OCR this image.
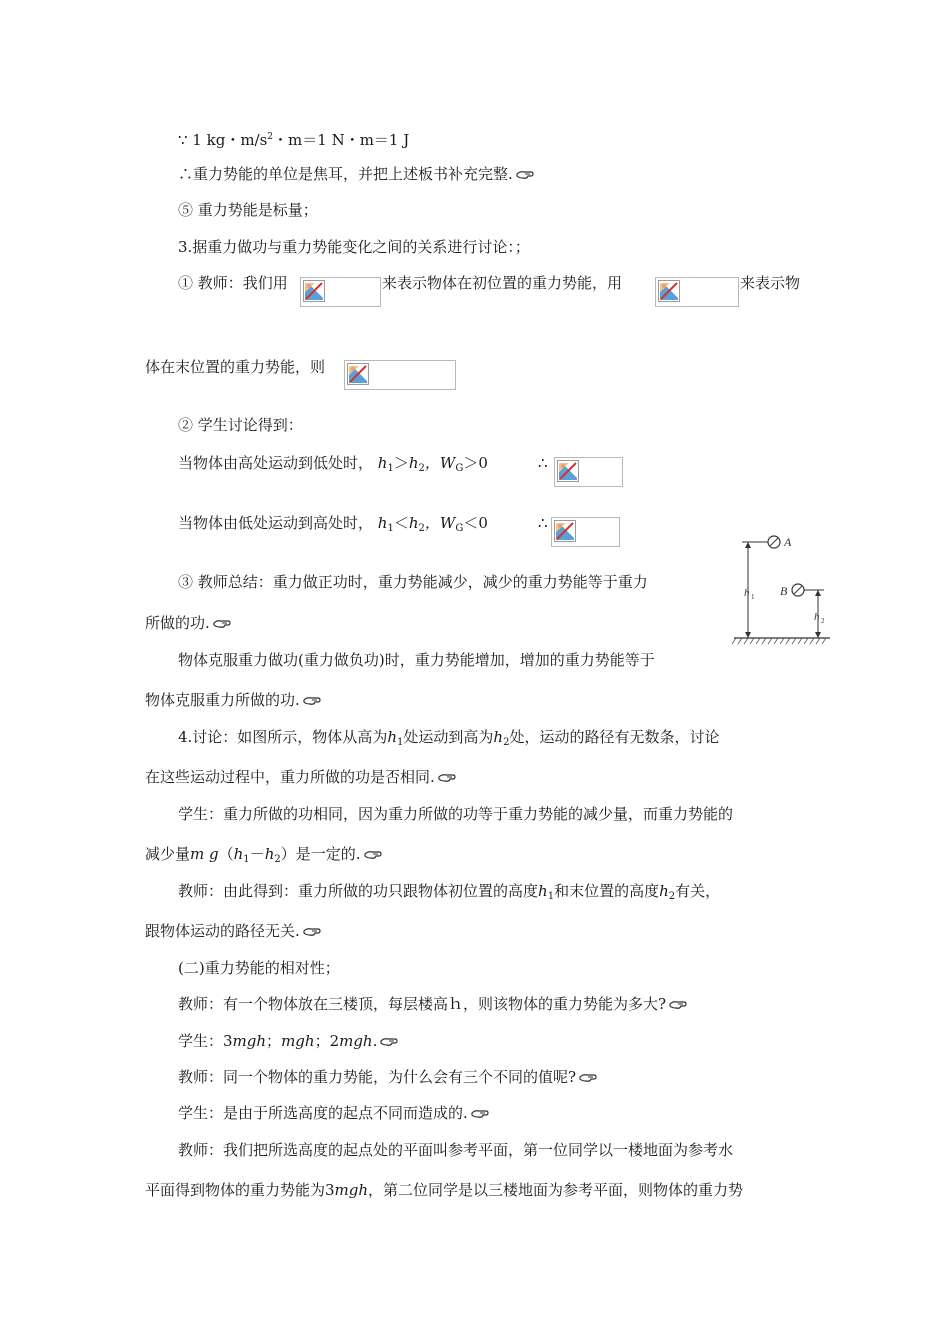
∵ 1 kg・$m/s^2$・m＝1 N・m＝1 J
∴重力势能的单位是焦耳，并把上述板书补充完整.
⑤ 重力势能是标量；
3.据重力做功与重力势能变化之间的关系进行讨论：；
① 教师：我们用	来表示物体在初位置的重力势能，用	来表示物
体在末位置的重力势能，则
② 学生讨论得到：
当物体由高处运动到低处时， $h_1>h_2$，$W_G>0$	∴
当物体由低处运动到高处时， $h_1<h_2$，$W_G<0$	∴
③ 教师总结：重力做正功时，重力势能减少，减少的重力势能等于重力
所做的功.
物体克服重力做功(重力做负功)时，重力势能增加，增加的重力势能等于
物体克服重力所做的功.
A
h 1 B
h 2
4.讨论：如图所示，物体从高为$h_1$处运动到高为$h_2$处，运动的路径有无数条，讨论
在这些运动过程中，重力所做的功是否相同.
学生：重力所做的功相同，因为重力所做的功等于重力势能的减少量，而重力势能的
减少量m $g(h_1-h_2)$是一定的.
教师：由此得到：重力所做的功只跟物体初位置的高度$h_1$和末位置的高度$h_2$有关，
跟物体运动的路径无关.
(二)重力势能的相对性；
教师：有一个物体放在三楼顶，每层楼高ｈ，则该物体的重力势能为多大?
学生：3mgh；mgh；2mgh.
教师：同一个物体的重力势能，为什么会有三个不同的值呢?
学生：是由于所选高度的起点不同而造成的.
教师：我们把所选高度的起点处的平面叫参考平面，第一位同学以一楼地面为参考水
平面得到物体的重力势能为3mgh，第二位同学是以三楼地面为参考平面，则物体的重力势
